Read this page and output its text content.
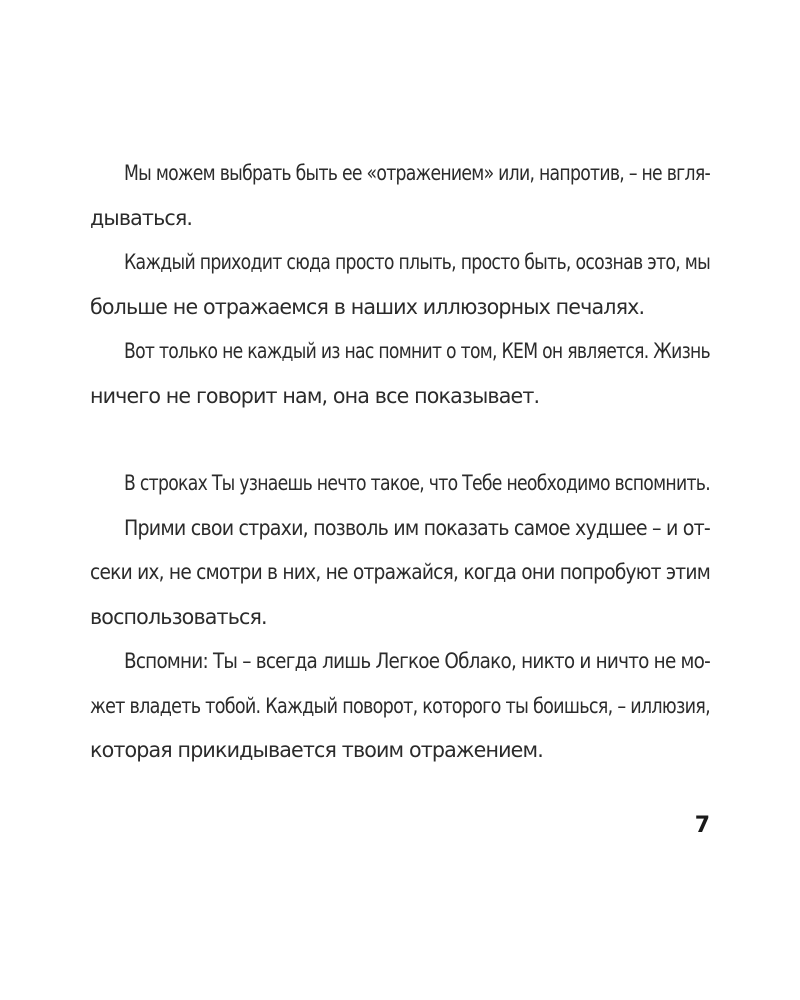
Мы можем выбрать быть ее «отражением» или, напротив, – не вгля-
дываться.
Каждый приходит сюда просто плыть, просто быть, осознав это, мы
больше не отражаемся в наших иллюзорных печалях.
Вот только не каждый из нас помнит о том, КЕМ он является. Жизнь
ничего не говорит нам, она все показывает.
В строках Ты узнаешь нечто такое, что Тебе необходимо вспомнить.
Прими свои страхи, позволь им показать самое худшее – и от-
секи их, не смотри в них, не отражайся, когда они попробуют этим
воспользоваться.
Вспомни: Ты – всегда лишь Легкое Облако, никто и ничто не мо-
жет владеть тобой. Каждый поворот, которого ты боишься, – иллюзия,
которая прикидывается твоим отражением.
7
